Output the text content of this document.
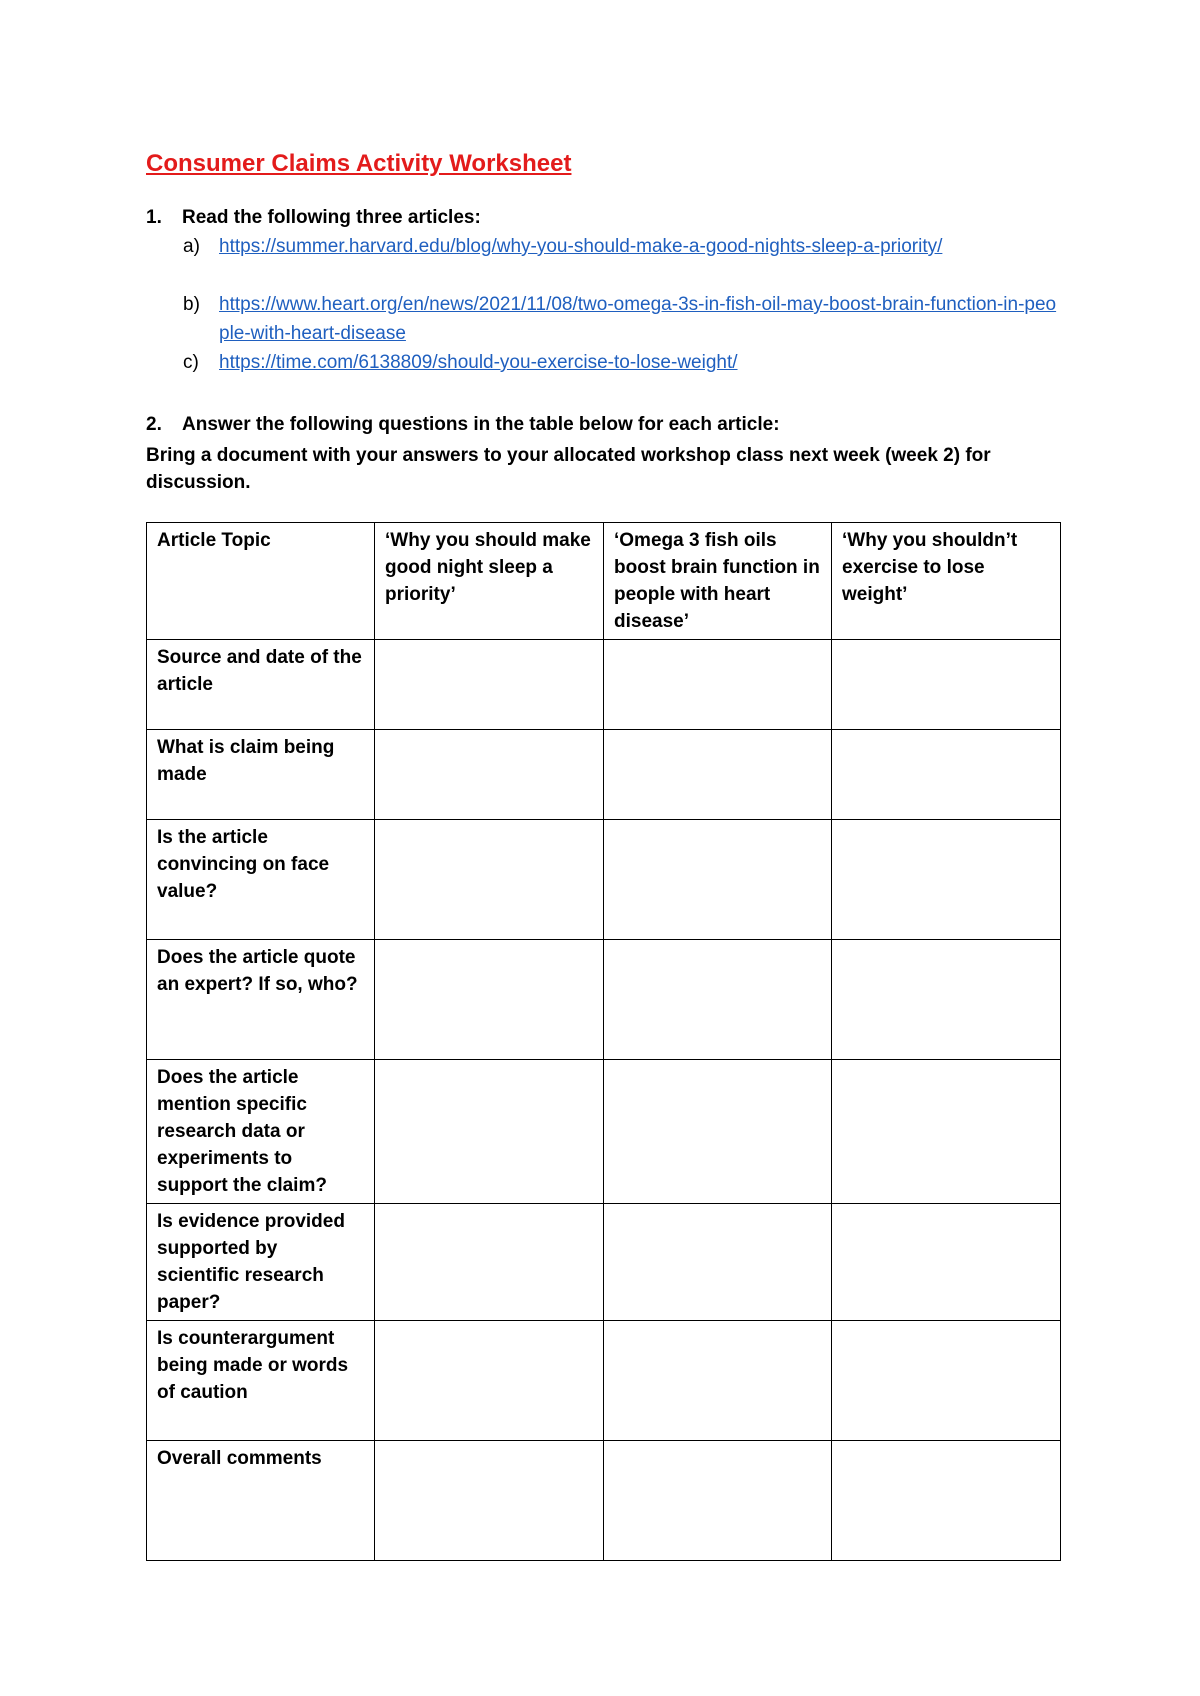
Consumer Claims Activity Worksheet
1. Read the following three articles:
a)	https://summer.harvard.edu/blog/why-you-should-make-a-good-nights-sleep-a-priority/
b)	https://www.heart.org/en/news/2021/11/08/two-omega-3s-in-fish-oil-may-boost-brain-function-in-people-with-heart-disease
c)	https://time.com/6138809/should-you-exercise-to-lose-weight/
2. Answer the following questions in the table below for each article:
Bring a document with your answers to your allocated workshop class next week (week 2) for discussion.
Article Topic	‘Why you should make good night sleep a priority’	‘Omega 3 fish oils boost brain function in people with heart disease’	‘Why you shouldn’t exercise to lose weight’
Source and date of the article			
What is claim being made			
Is the article convincing on face value?			
Does the article quote an expert? If so, who?			
Does the article mention specific research data or experiments to support the claim?			
Is evidence provided supported by scientific research paper?			
Is counterargument being made or words of caution			
Overall comments			
